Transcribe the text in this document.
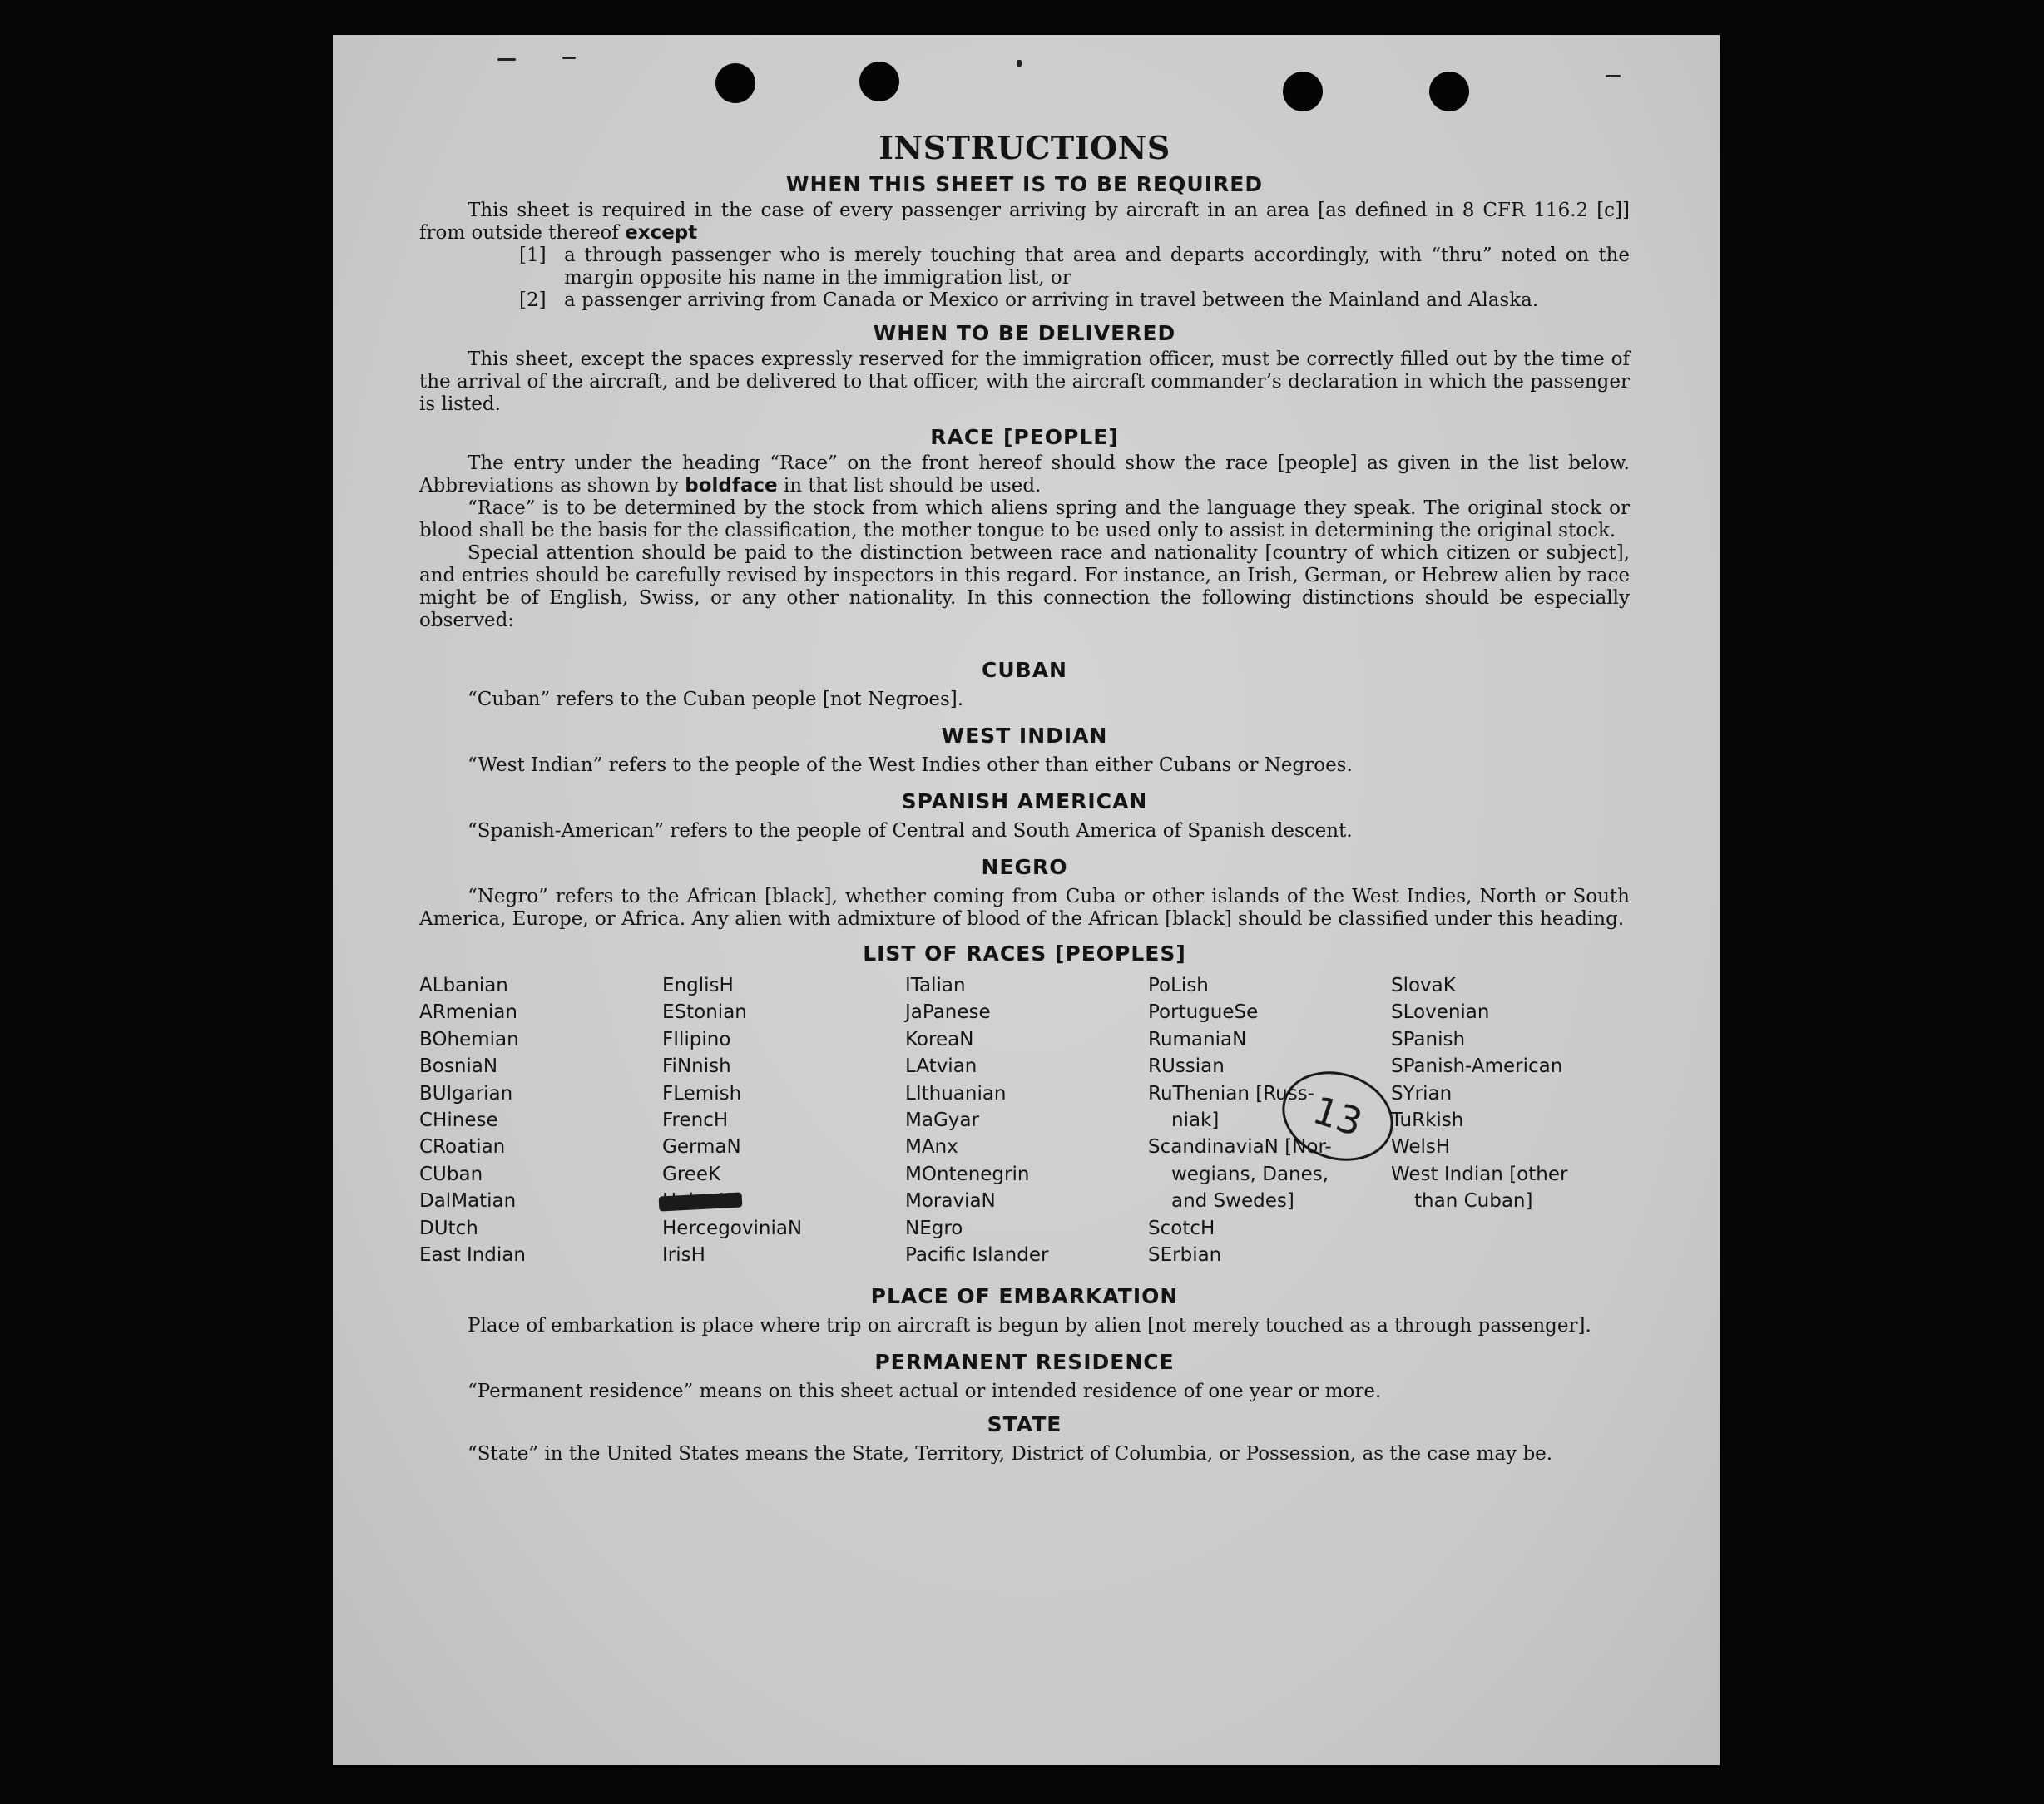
13
INSTRUCTIONS
WHEN THIS SHEET IS TO BE REQUIRED

This sheet is required in the case of every passenger arriving by aircraft in an area [as defined in 8 CFR 116.2 [c]] from outside thereof except

[1] a through passenger who is merely touching that area and departs accordingly, with “thru” noted on the margin opposite his name in the immigration list, or
[2] a passenger arriving from Canada or Mexico or arriving in travel between the Mainland and Alaska.
WHEN TO BE DELIVERED

This sheet, except the spaces expressly reserved for the immigration officer, must be correctly filled out by the time of the arrival of the aircraft, and be delivered to that officer, with the aircraft commander’s declaration in which the passenger is listed.

RACE [PEOPLE]

The entry under the heading “Race” on the front hereof should show the race [people] as given in the list below. Abbreviations as shown by boldface in that list should be used.

“Race” is to be determined by the stock from which aliens spring and the language they speak. The original stock or blood shall be the basis for the classification, the mother tongue to be used only to assist in determining the original stock.

Special attention should be paid to the distinction between race and nationality [country of which citizen or subject], and entries should be carefully revised by inspectors in this regard. For instance, an Irish, German, or Hebrew alien by race might be of English, Swiss, or any other nationality. In this connection the following distinctions should be especially observed:

CUBAN

“Cuban” refers to the Cuban people [not Negroes].

WEST INDIAN

“West Indian” refers to the people of the West Indies other than either Cubans or Negroes.

SPANISH AMERICAN

“Spanish-American” refers to the people of Central and South America of Spanish descent.

NEGRO

“Negro” refers to the African [black], whether coming from Cuba or other islands of the West Indies, North or South America, Europe, or Africa. Any alien with admixture of blood of the African [black] should be classified under this heading.

LIST OF RACES [PEOPLES]
ALbanian
ARmenian
BOhemian
BosniaN
BUlgarian
CHinese
CRoatian
CUban
DalMatian
DUtch
East Indian
EnglisH
EStonian
FIlipino
FiNnish
FLemish
FrencH
GermaN
GreeK
HercegoviniaN
IrisH
ITalian
JaPanese
KoreaN
LAtvian
LIthuanian
MaGyar
MAnx
MOntenegrin
MoraviaN
NEgro
Pacific Islander
PoLish
PortugueSe
RumaniaN
RUssian
RuThenian [Russ-
niak]
ScandinaviaN [Nor-
wegians, Danes,
and Swedes]
ScotcH
SErbian
SlovaK
SLovenian
SPanish
SPanish-American
SYrian
TuRkish
WelsH
West Indian [other
than Cuban]
PLACE OF EMBARKATION

Place of embarkation is place where trip on aircraft is begun by alien [not merely touched as a through passenger].

PERMANENT RESIDENCE

“Permanent residence” means on this sheet actual or intended residence of one year or more.

STATE

“State” in the United States means the State, Territory, District of Columbia, or Possession, as the case may be.
